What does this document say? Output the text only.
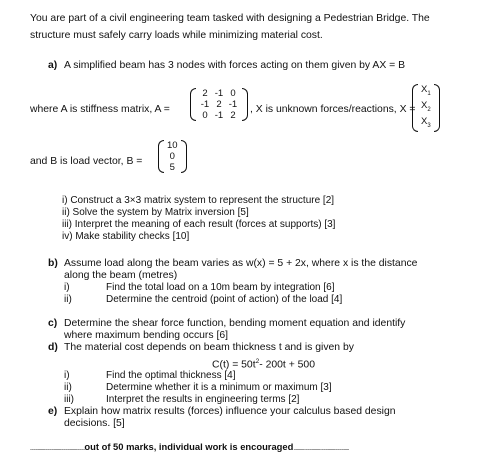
You are part of a civil engineering team tasked with designing a Pedestrian Bridge. The
structure must safely carry loads while minimizing material cost.
a) A simplified beam has 3 nodes with forces acting on them given by AX = B
where A is stiffness matrix, A =
2 -1 0
-1 2 -1
0 -1 2
, X is unknown forces/reactions, X =
$X_1$
$X_2$
$X_3$
and B is load vector, B =
10
0
5
i) Construct a 3×3 matrix system to represent the structure [2]
ii) Solve the system by Matrix inversion [5]
iii) Interpret the meaning of each result (forces at supports) [3]
iv) Make stability checks [10]
b) Assume load along the beam varies as w(x) = 5 + 2x, where x is the distance
along the beam (metres)
i)	Find the total load on a 10m beam by integration [6]
ii)	Determine the centroid (point of action) of the load [4]
c) Determine the shear force function, bending moment equation and identify
where maximum bending occurs [6]
d) The material cost depends on beam thickness t and is given by
$C(t) = 50t^2-$ 200t + 500
i)	Find the optimal thickness [4]
ii)	Determine whether it is a minimum or maximum [3]
iii)	Interpret the results in engineering terms [2]
e) Explain how matrix results (forces) influence your calculus based design
decisions. [5]
...................................................out of 50 marks, individual work is encouraged....................................................
